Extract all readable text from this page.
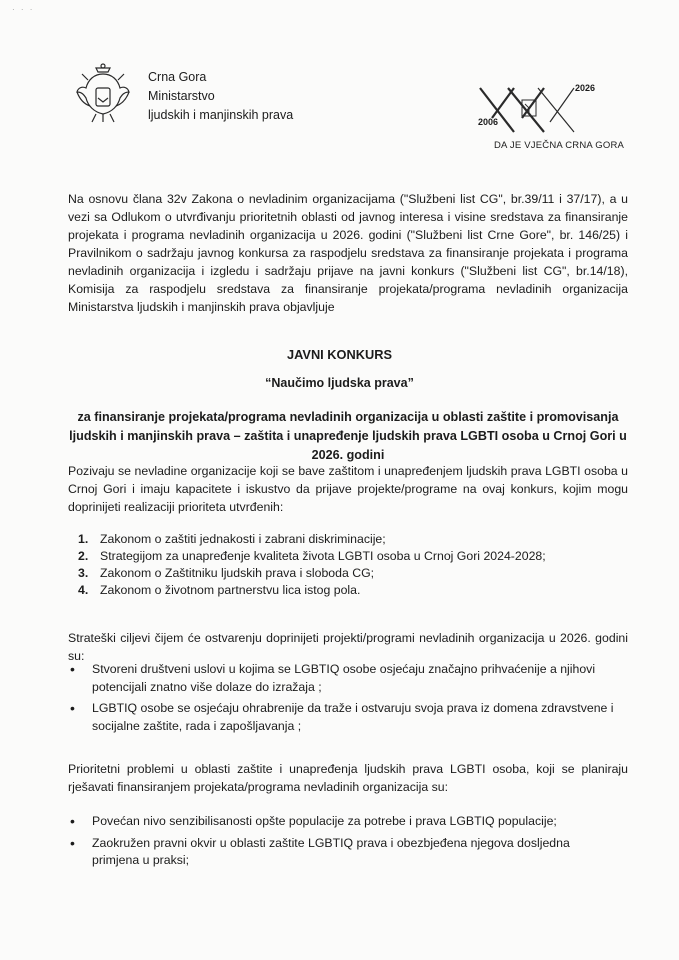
· · ·
Crna Gora
Ministarstvo
ljudskih i manjinskih prava	2006
2026
DA JE VJEČNA CRNA GORA
Na osnovu člana 32v Zakona o nevladinim organizacijama ("Službeni list CG", br.39/11 i 37/17), a u vezi sa Odlukom o utvrđivanju prioritetnih oblasti od javnog interesa i visine sredstava za finansiranje projekata i programa nevladinih organizacija u 2026. godini ("Službeni list Crne Gore", br. 146/25) i Pravilnikom o sadržaju javnog konkursa za raspodjelu sredstava za finansiranje projekata i programa nevladinih organizacija i izgledu i sadržaju prijave na javni konkurs ("Službeni list CG", br.14/18), Komisija za raspodjelu sredstava za finansiranje projekata/programa nevladinih organizacija Ministarstva ljudskih i manjinskih prava objavljuje
JAVNI KONKURS
“Naučimo ljudska prava”
za finansiranje projekata/programa nevladinih organizacija u oblasti zaštite i promovisanja ljudskih i manjinskih prava – zaštita i unapređenje ljudskih prava LGBTI osoba u Crnoj Gori u 2026. godini
Pozivaju se nevladine organizacije koji se bave zaštitom i unapređenjem ljudskih prava LGBTI osoba u Crnoj Gori i imaju kapacitete i iskustvo da prijave projekte/programe na ovaj konkurs, kojim mogu doprinijeti realizaciji prioriteta utvrđenih:
1. Zakonom o zaštiti jednakosti i zabrani diskriminacije;
2. Strategijom za unapređenje kvaliteta života LGBTI osoba u Crnoj Gori 2024-2028;
3. Zakonom o Zaštitniku ljudskih prava i sloboda CG;
4. Zakonom o životnom partnerstvu lica istog pola.
Strateški ciljevi čijem će ostvarenju doprinijeti projekti/programi nevladinih organizacija u 2026. godini su:
•	Stvoreni društveni uslovi u kojima se LGBTIQ osobe osjećaju značajno prihvaćenije a njihovi potencijali znatno više dolaze do izražaja ;
•	LGBTIQ osobe se osjećaju ohrabrenije da traže i ostvaruju svoja prava iz domena zdravstvene i socijalne zaštite, rada i zapošljavanja ;
Prioritetni problemi u oblasti zaštite i unapređenja ljudskih prava LGBTI osoba, koji se planiraju rješavati finansiranjem projekata/programa nevladinih organizacija su:
•	Povećan nivo senzibilisanosti opšte populacije za potrebe i prava LGBTIQ populacije;
•	Zaokružen pravni okvir u oblasti zaštite LGBTIQ prava i obezbjeđena njegova dosljedna primjena u praksi;
